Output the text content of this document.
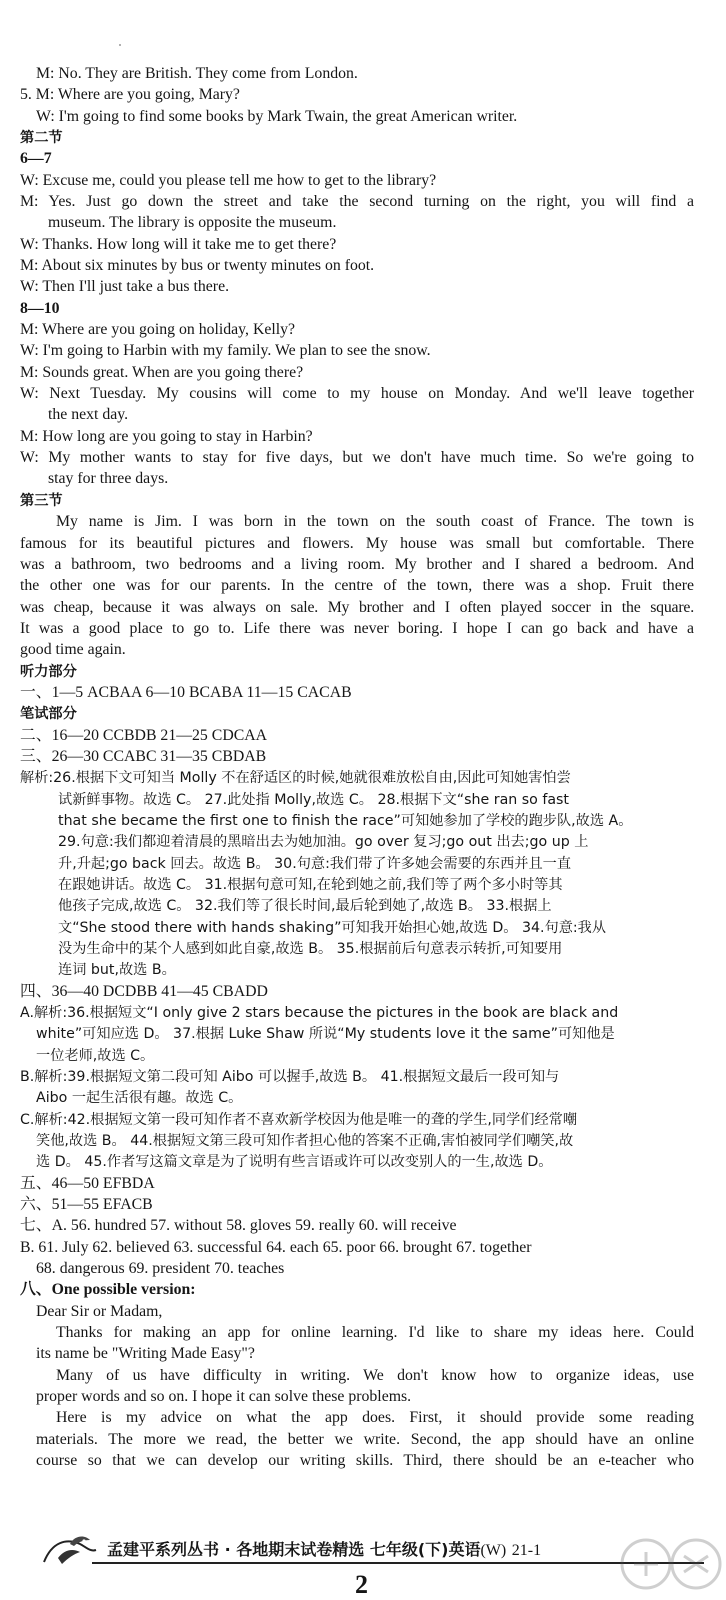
M: No. They are British. They come from London.
5. M: Where are you going, Mary?
W: I'm going to find some books by Mark Twain, the great American writer.
第二节
6—7
W: Excuse me, could you please tell me how to get to the library?
M: Yes. Just go down the street and take the second turning on the right, you will find a
museum. The library is opposite the museum.
W: Thanks. How long will it take me to get there?
M: About six minutes by bus or twenty minutes on foot.
W: Then I'll just take a bus there.
8—10
M: Where are you going on holiday, Kelly?
W: I'm going to Harbin with my family. We plan to see the snow.
M: Sounds great. When are you going there?
W: Next Tuesday. My cousins will come to my house on Monday. And we'll leave together
the next day.
M: How long are you going to stay in Harbin?
W: My mother wants to stay for five days, but we don't have much time. So we're going to
stay for three days.
第三节
My name is Jim. I was born in the town on the south coast of France. The town is
famous for its beautiful pictures and flowers. My house was small but comfortable. There
was a bathroom, two bedrooms and a living room. My brother and I shared a bedroom. And
the other one was for our parents. In the centre of the town, there was a shop. Fruit there
was cheap, because it was always on sale. My brother and I often played soccer in the square.
It was a good place to go to. Life there was never boring. I hope I can go back and have a
good time again.
听力部分
一、1—5 ACBAA 6—10 BCABA 11—15 CACAB
笔试部分
二、16—20 CCBDB 21—25 CDCAA
三、26—30 CCABC 31—35 CBDAB
解析:26.根据下文可知当 Molly 不在舒适区的时候,她就很难放松自由,因此可知她害怕尝
试新鲜事物。故选 C。 27.此处指 Molly,故选 C。 28.根据下文“she ran so fast
that she became the first one to finish the race”可知她参加了学校的跑步队,故选 A。
29.句意:我们都迎着清晨的黑暗出去为她加油。go over 复习;go out 出去;go up 上
升,升起;go back 回去。故选 B。 30.句意:我们带了许多她会需要的东西并且一直
在跟她讲话。故选 C。 31.根据句意可知,在轮到她之前,我们等了两个多小时等其
他孩子完成,故选 C。 32.我们等了很长时间,最后轮到她了,故选 B。 33.根据上
文“She stood there with hands shaking”可知我开始担心她,故选 D。 34.句意:我从
没为生命中的某个人感到如此自豪,故选 B。 35.根据前后句意表示转折,可知要用
连词 but,故选 B。
四、36—40 DCDBB 41—45 CBADD
A.解析:36.根据短文“I only give 2 stars because the pictures in the book are black and
white”可知应选 D。 37.根据 Luke Shaw 所说“My students love it the same”可知他是
一位老师,故选 C。
B.解析:39.根据短文第二段可知 Aibo 可以握手,故选 B。 41.根据短文最后一段可知与
Aibo 一起生活很有趣。故选 C。
C.解析:42.根据短文第一段可知作者不喜欢新学校因为他是唯一的聋的学生,同学们经常嘲
笑他,故选 B。 44.根据短文第三段可知作者担心他的答案不正确,害怕被同学们嘲笑,故
选 D。 45.作者写这篇文章是为了说明有些言语或许可以改变别人的一生,故选 D。
五、46—50 EFBDA
六、51—55 EFACB
七、A. 56. hundred 57. without 58. gloves 59. really 60. will receive
B. 61. July 62. believed 63. successful 64. each 65. poor 66. brought 67. together
68. dangerous 69. president 70. teaches
八、One possible version:
Dear Sir or Madam,
Thanks for making an app for online learning. I'd like to share my ideas here. Could
its name be "Writing Made Easy"?
Many of us have difficulty in writing. We don't know how to organize ideas, use
proper words and so on. I hope it can solve these problems.
Here is my advice on what the app does. First, it should provide some reading
materials. The more we read, the better we write. Second, the app should have an online
course so that we can develop our writing skills. Third, there should be an e-teacher who
孟建平系列丛书 · 各地期末试卷精选 七年级(下)英语(W) 21-1
2
